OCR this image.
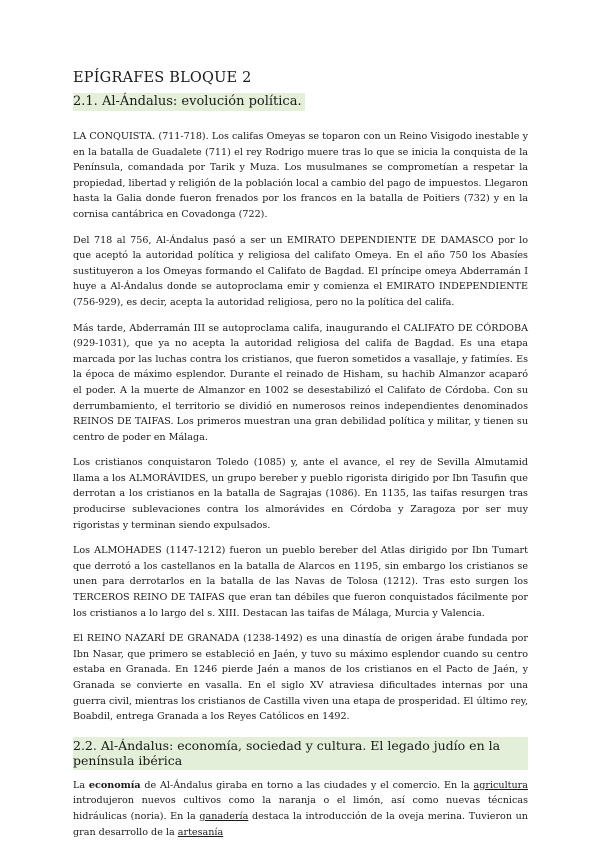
EPÍGRAFES BLOQUE 2
2.1. Al-Ándalus: evolución política.

LA CONQUISTA. (711-718). Los califas Omeyas se toparon con un Reino Visigodo inestable y en la batalla de Guadalete (711) el rey Rodrigo muere tras lo que se inicia la conquista de la Península, comandada por Tarik y Muza. Los musulmanes se comprometían a respetar la propiedad, libertad y religión de la población local a cambio del pago de impuestos. Llegaron hasta la Galia donde fueron frenados por los francos en la batalla de Poitiers (732) y en la cornisa cantábrica en Covadonga (722).

Del 718 al 756, Al-Ándalus pasó a ser un EMIRATO DEPENDIENTE DE DAMASCO por lo que aceptó la autoridad política y religiosa del califato Omeya. En el año 750 los Abasíes sustituyeron a los Omeyas formando el Califato de Bagdad. El príncipe omeya Abderramán I huye a Al-Ándalus donde se autoproclama emir y comienza el EMIRATO INDEPENDIENTE (756-929), es decir, acepta la autoridad religiosa, pero no la política del califa.

Más tarde, Abderramán III se autoproclama califa, inaugurando el CALIFATO DE CÓRDOBA (929-1031), que ya no acepta la autoridad religiosa del califa de Bagdad. Es una etapa marcada por las luchas contra los cristianos, que fueron sometidos a vasallaje, y fatimíes. Es la época de máximo esplendor. Durante el reinado de Hisham, su hachib Almanzor acaparó el poder. A la muerte de Almanzor en 1002 se desestabilizó el Califato de Córdoba. Con su derrumbamiento, el territorio se dividió en numerosos reinos independientes denominados REINOS DE TAIFAS. Los primeros muestran una gran debilidad política y militar, y tienen su centro de poder en Málaga.

Los cristianos conquistaron Toledo (1085) y, ante el avance, el rey de Sevilla Almutamid llama a los ALMORÁVIDES, un grupo bereber y pueblo rigorista dirigido por Ibn Tasufin que derrotan a los cristianos en la batalla de Sagrajas (1086). En 1135, las taifas resurgen tras producirse sublevaciones contra los almorávides en Córdoba y Zaragoza por ser muy rigoristas y terminan siendo expulsados.

Los ALMOHADES (1147-1212) fueron un pueblo bereber del Atlas dirigido por Ibn Tumart que derrotó a los castellanos en la batalla de Alarcos en 1195, sin embargo los cristianos se unen para derrotarlos en la batalla de las Navas de Tolosa (1212). Tras esto surgen los TERCEROS REINO DE TAIFAS que eran tan débiles que fueron conquistados fácilmente por los cristianos a lo largo del s. XIII. Destacan las taifas de Málaga, Murcia y Valencia.

El REINO NAZARÍ DE GRANADA (1238-1492) es una dinastía de origen árabe fundada por Ibn Nasar, que primero se estableció en Jaén, y tuvo su máximo esplendor cuando su centro estaba en Granada. En 1246 pierde Jaén a manos de los cristianos en el Pacto de Jaén, y Granada se convierte en vasalla. En el siglo XV atraviesa dificultades internas por una guerra civil, mientras los cristianos de Castilla viven una etapa de prosperidad. El último rey, Boabdil, entrega Granada a los Reyes Católicos en 1492.

2.2. Al-Ándalus: economía, sociedad y cultura. El legado judío en la península ibérica

La economía de Al-Ándalus giraba en torno a las ciudades y el comercio. En la agricultura introdujeron nuevos cultivos como la naranja o el limón, así como nuevas técnicas hidráulicas (noria). En la ganadería destaca la introducción de la oveja merina. Tuvieron un gran desarrollo de la artesanía
